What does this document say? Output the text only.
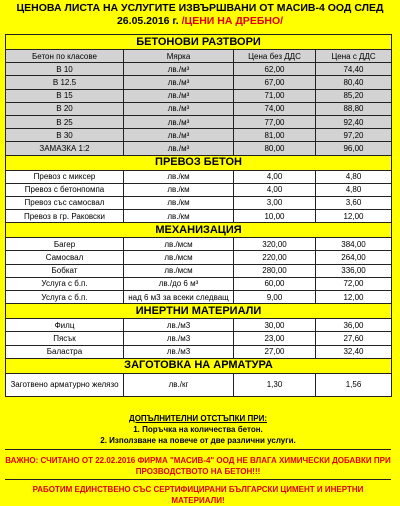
ЦЕНОВА ЛИСТА НА УСЛУГИТЕ ИЗВЪРШВАНИ ОТ МАСИВ-4 ООД СЛЕД
26.05.2016 г. /ЦЕНИ НА ДРЕБНО/
БЕТОНОВИ РАЗТВОРИ			
Бетон по класове	Мярка	Цена без ДДС	Цена с ДДС
В 10	лв./м³	62,00	74,40
В 12.5	лв./м³	67,00	80,40
В 15	лв./м³	71,00	85,20
В 20	лв./м³	74,00	88,80
В 25	лв./м³	77,00	92,40
В 30	лв./м³	81,00	97,20
ЗАМАЗКА 1:2	лв./м³	80,00	96,00
ПРЕВОЗ БЕТОН			
Превоз с миксер	лв./км	4,00	4,80
Превоз с бетонпомпа	лв./км	4,00	4,80
Превоз със самосвал	лв./км	3,00	3,60
Превоз в гр. Раковски	лв./км	10,00	12,00
МЕХАНИЗАЦИЯ			
Багер	лв./мсм	320,00	384,00
Самосвал	лв./мсм	220,00	264,00
Бобкат	лв./мсм	280,00	336,00
Услуга с б.п.	лв./до 6 м³	60,00	72,00
Услуга с б.п.	над 6 м3 за всеки следващ	9,00	12,00
ИНЕРТНИ МАТЕРИАЛИ			
Филц	лв./м3	30,00	36,00
Пясък	лв./м3	23,00	27,60
Баластра	лв./м3	27,00	32,40
ЗАГОТОВКА НА АРМАТУРА			
Заготвено арматурно желязо	лв./кг	1,30	1,56
ДОПЪЛНИТЕЛНИ ОТСТЪПКИ ПРИ:
1. Поръчка на количества бетон.
2. Използване на повече от две различни услуги.
ВАЖНО: СЧИТАНО ОТ 22.02.2016 ФИРМА "МАСИВ-4" ООД НЕ ВЛАГА ХИМИЧЕСКИ ДОБАВКИ ПРИ ПРОЗВОДСТВОТО НА БЕТОН!!!
РАБОТИМ ЕДИНСТВЕНО СЪС СЕРТИФИЦИРАНИ БЪЛГАРСКИ ЦИМЕНТ И ИНЕРТНИ МАТЕРИАЛИ!
